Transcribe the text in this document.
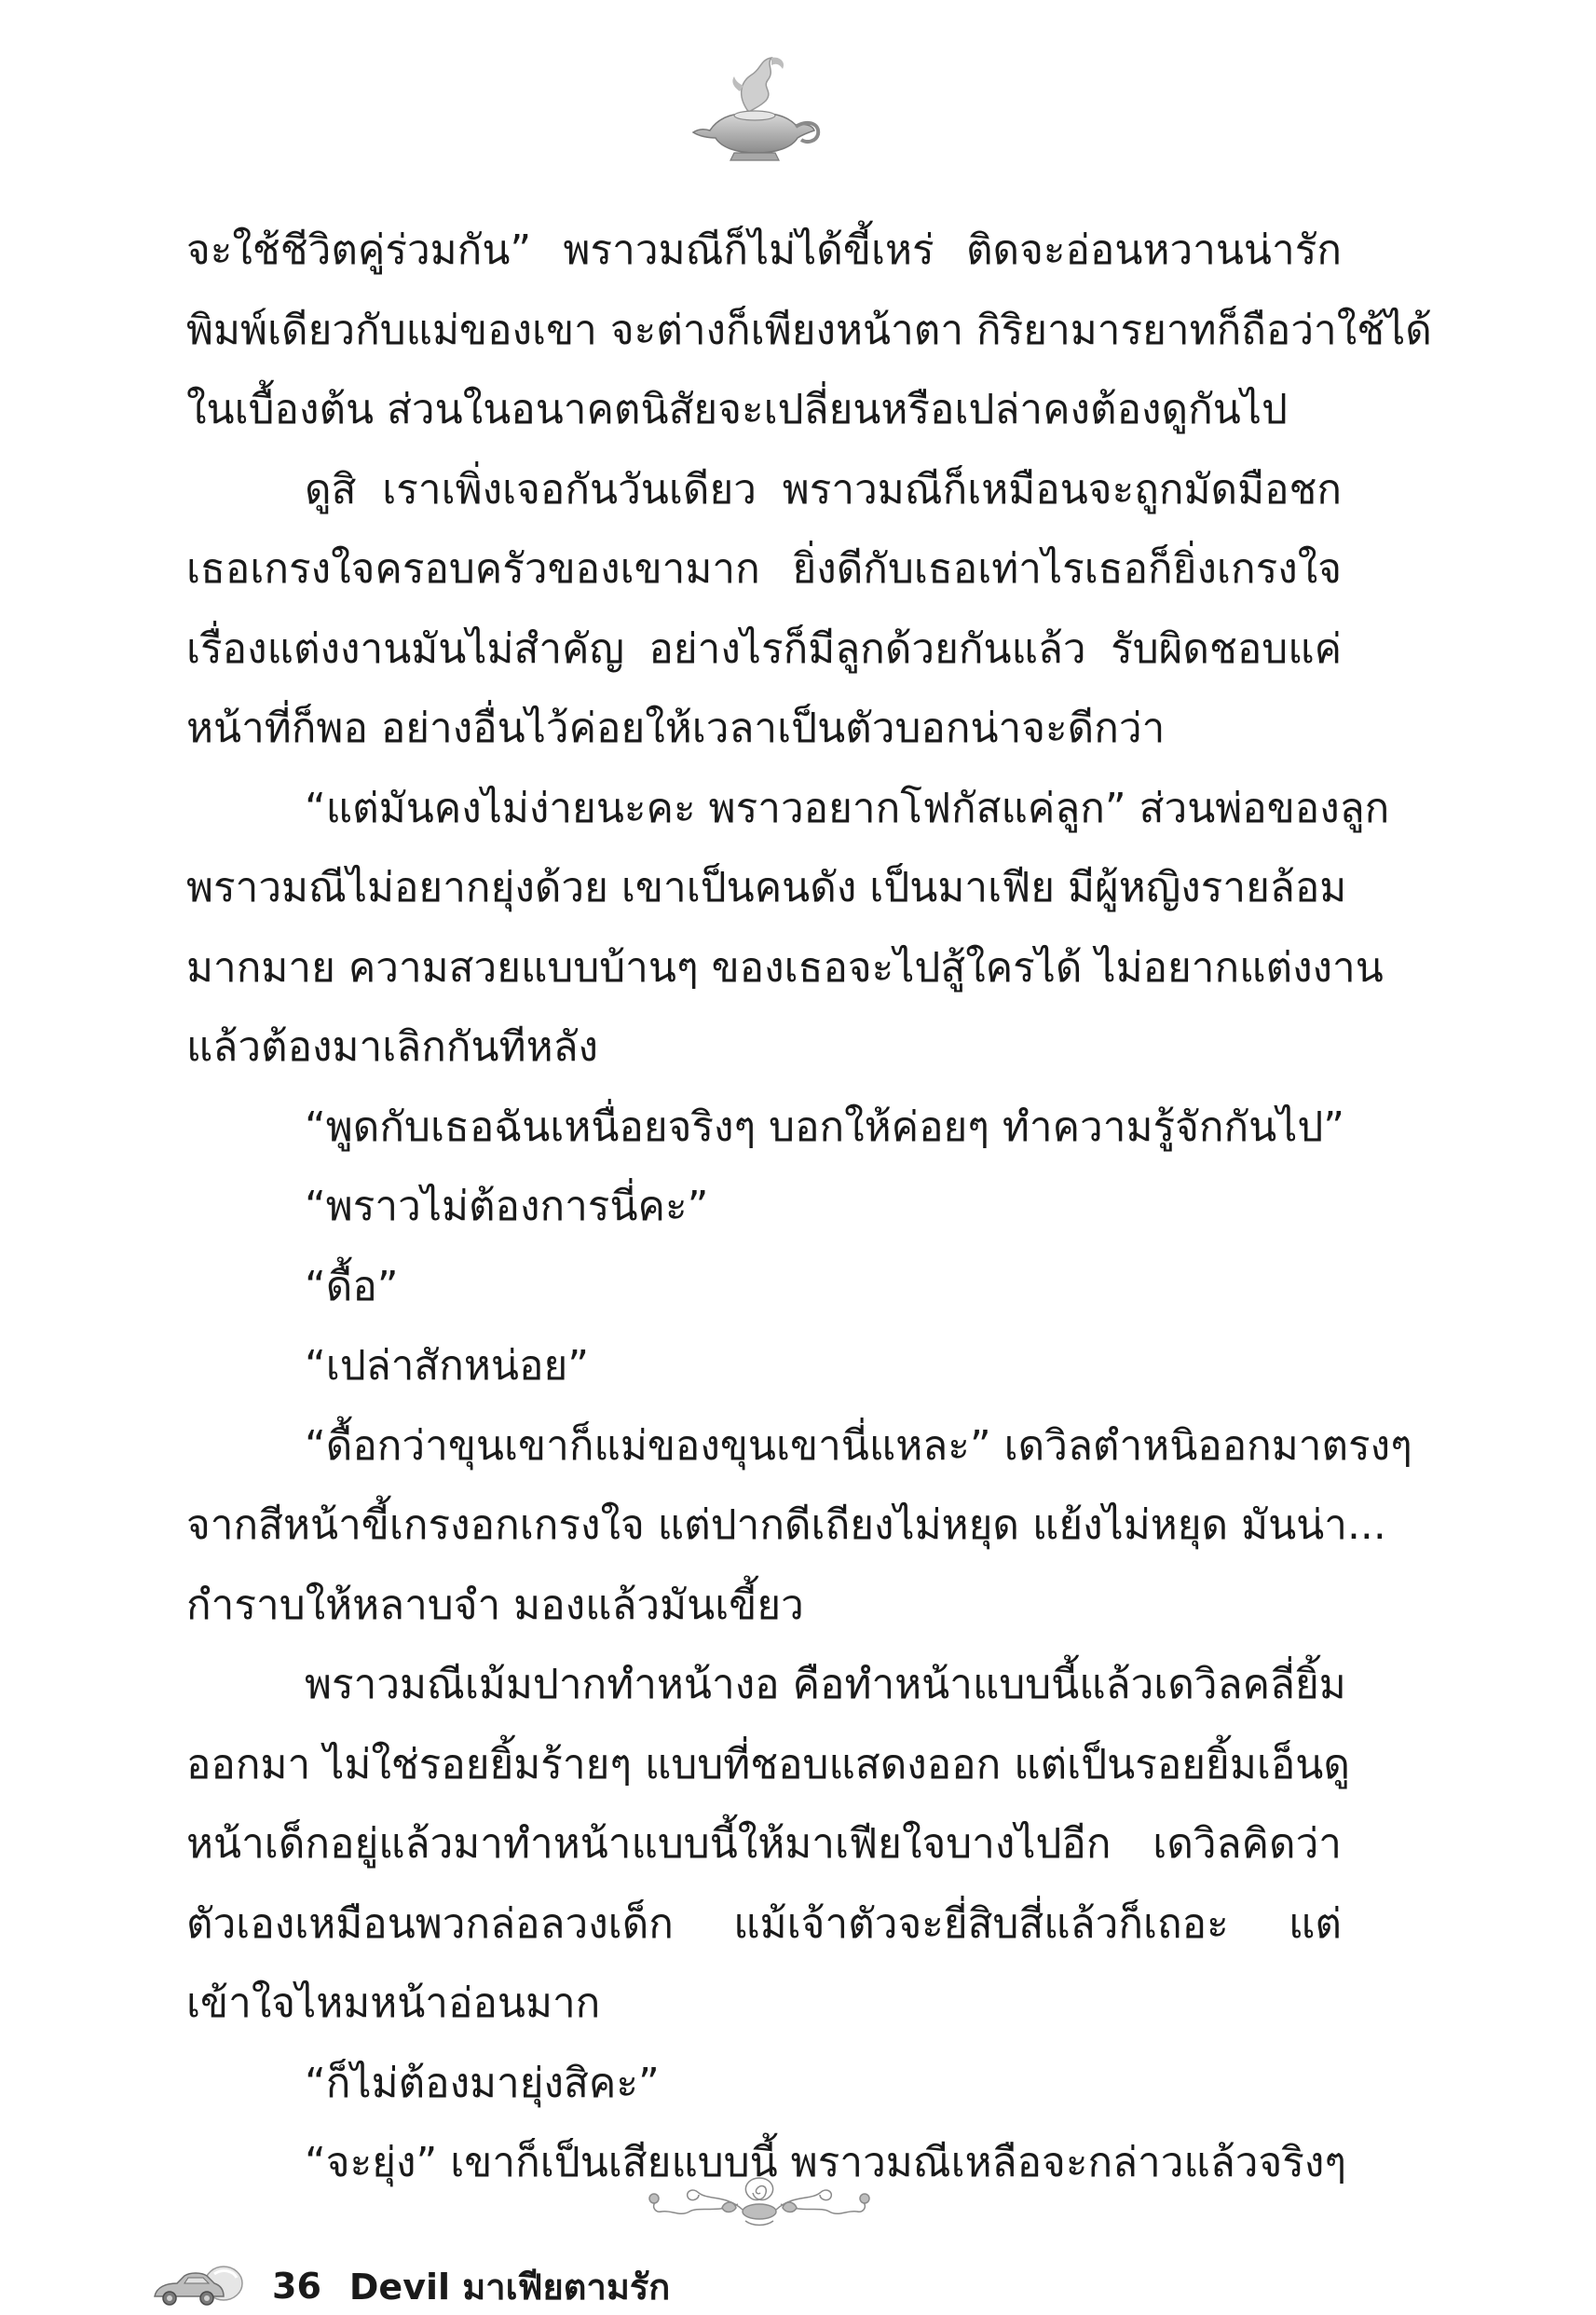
จะใช้ชีวิตคู่ร่วมกัน” พราวมณีก็ไม่ได้ขี้เหร่ ติดจะอ่อนหวานน่ารัก
พิมพ์เดียวกับแม่ของเขา จะต่างก็เพียงหน้าตา กิริยามารยาทก็ถือว่าใช้ได้
ในเบื้องต้น ส่วนในอนาคตนิสัยจะเปลี่ยนหรือเปล่าคงต้องดูกันไป
ดูสิ เราเพิ่งเจอกันวันเดียว พราวมณีก็เหมือนจะถูกมัดมือชก
เธอเกรงใจครอบครัวของเขามาก ยิ่งดีกับเธอเท่าไรเธอก็ยิ่งเกรงใจ
เรื่องแต่งงานมันไม่สำคัญ อย่างไรก็มีลูกด้วยกันแล้ว รับผิดชอบแค่
หน้าที่ก็พอ อย่างอื่นไว้ค่อยให้เวลาเป็นตัวบอกน่าจะดีกว่า
“แต่มันคงไม่ง่ายนะคะ พราวอยากโฟกัสแค่ลูก” ส่วนพ่อของลูก
พราวมณีไม่อยากยุ่งด้วย เขาเป็นคนดัง เป็นมาเฟีย มีผู้หญิงรายล้อม
มากมาย ความสวยแบบบ้านๆ ของเธอจะไปสู้ใครได้ ไม่อยากแต่งงาน
แล้วต้องมาเลิกกันทีหลัง
“พูดกับเธอฉันเหนื่อยจริงๆ บอกให้ค่อยๆ ทำความรู้จักกันไป”
“พราวไม่ต้องการนี่คะ”
“ดื้อ”
“เปล่าสักหน่อย”
“ดื้อกว่าขุนเขาก็แม่ของขุนเขานี่แหละ” เดวิลตำหนิออกมาตรงๆ
จากสีหน้าขี้เกรงอกเกรงใจ แต่ปากดีเถียงไม่หยุด แย้งไม่หยุด มันน่า...
กำราบให้หลาบจำ มองแล้วมันเขี้ยว
พราวมณีเม้มปากทำหน้างอ คือทำหน้าแบบนี้แล้วเดวิลคลี่ยิ้ม
ออกมา ไม่ใช่รอยยิ้มร้ายๆ แบบที่ชอบแสดงออก แต่เป็นรอยยิ้มเอ็นดู
หน้าเด็กอยู่แล้วมาทำหน้าแบบนี้ให้มาเฟียใจบางไปอีก เดวิลคิดว่า
ตัวเองเหมือนพวกล่อลวงเด็ก แม้เจ้าตัวจะยี่สิบสี่แล้วก็เถอะ แต่
เข้าใจไหมหน้าอ่อนมาก
“ก็ไม่ต้องมายุ่งสิคะ”
“จะยุ่ง” เขาก็เป็นเสียแบบนี้ พราวมณีเหลือจะกล่าวแล้วจริงๆ
36 Devil มาเฟียตามรัก
